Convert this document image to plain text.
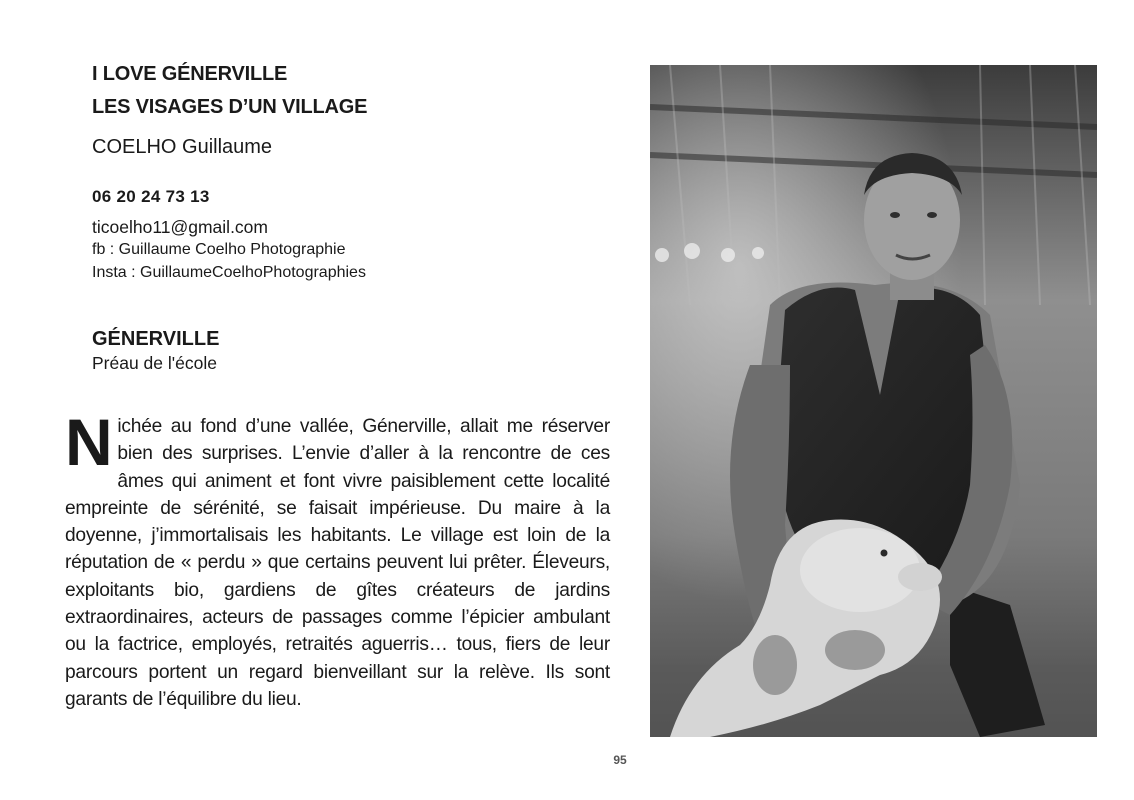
I LOVE GÉNERVILLE
LES VISAGES D’UN VILLAGE
COELHO Guillaume
06 20 24 73 13
ticoelho11@gmail.com
fb : Guillaume Coelho Photographie
Insta : GuillaumeCoelhoPhotographies
GÉNERVILLE
Préau de l'école
Nichée au fond d’une vallée, Génerville, allait me réserver bien des surprises. L’envie d’aller à la rencontre de ces âmes qui animent et font vivre paisiblement cette localité empreinte de sérénité, se faisait impérieuse. Du maire à la doyenne, j’immortalisais les habitants. Le village est loin de la réputation de « perdu » que certains peuvent lui prêter. Éleveurs, exploitants bio, gardiens de gîtes créateurs de jardins extraordinaires, acteurs de passages comme l’épicier ambulant ou la factrice, employés, retraités aguerris… tous, fiers de leur parcours portent un regard bienveillant sur la relève. Ils sont garants de l’équilibre du lieu.
95
